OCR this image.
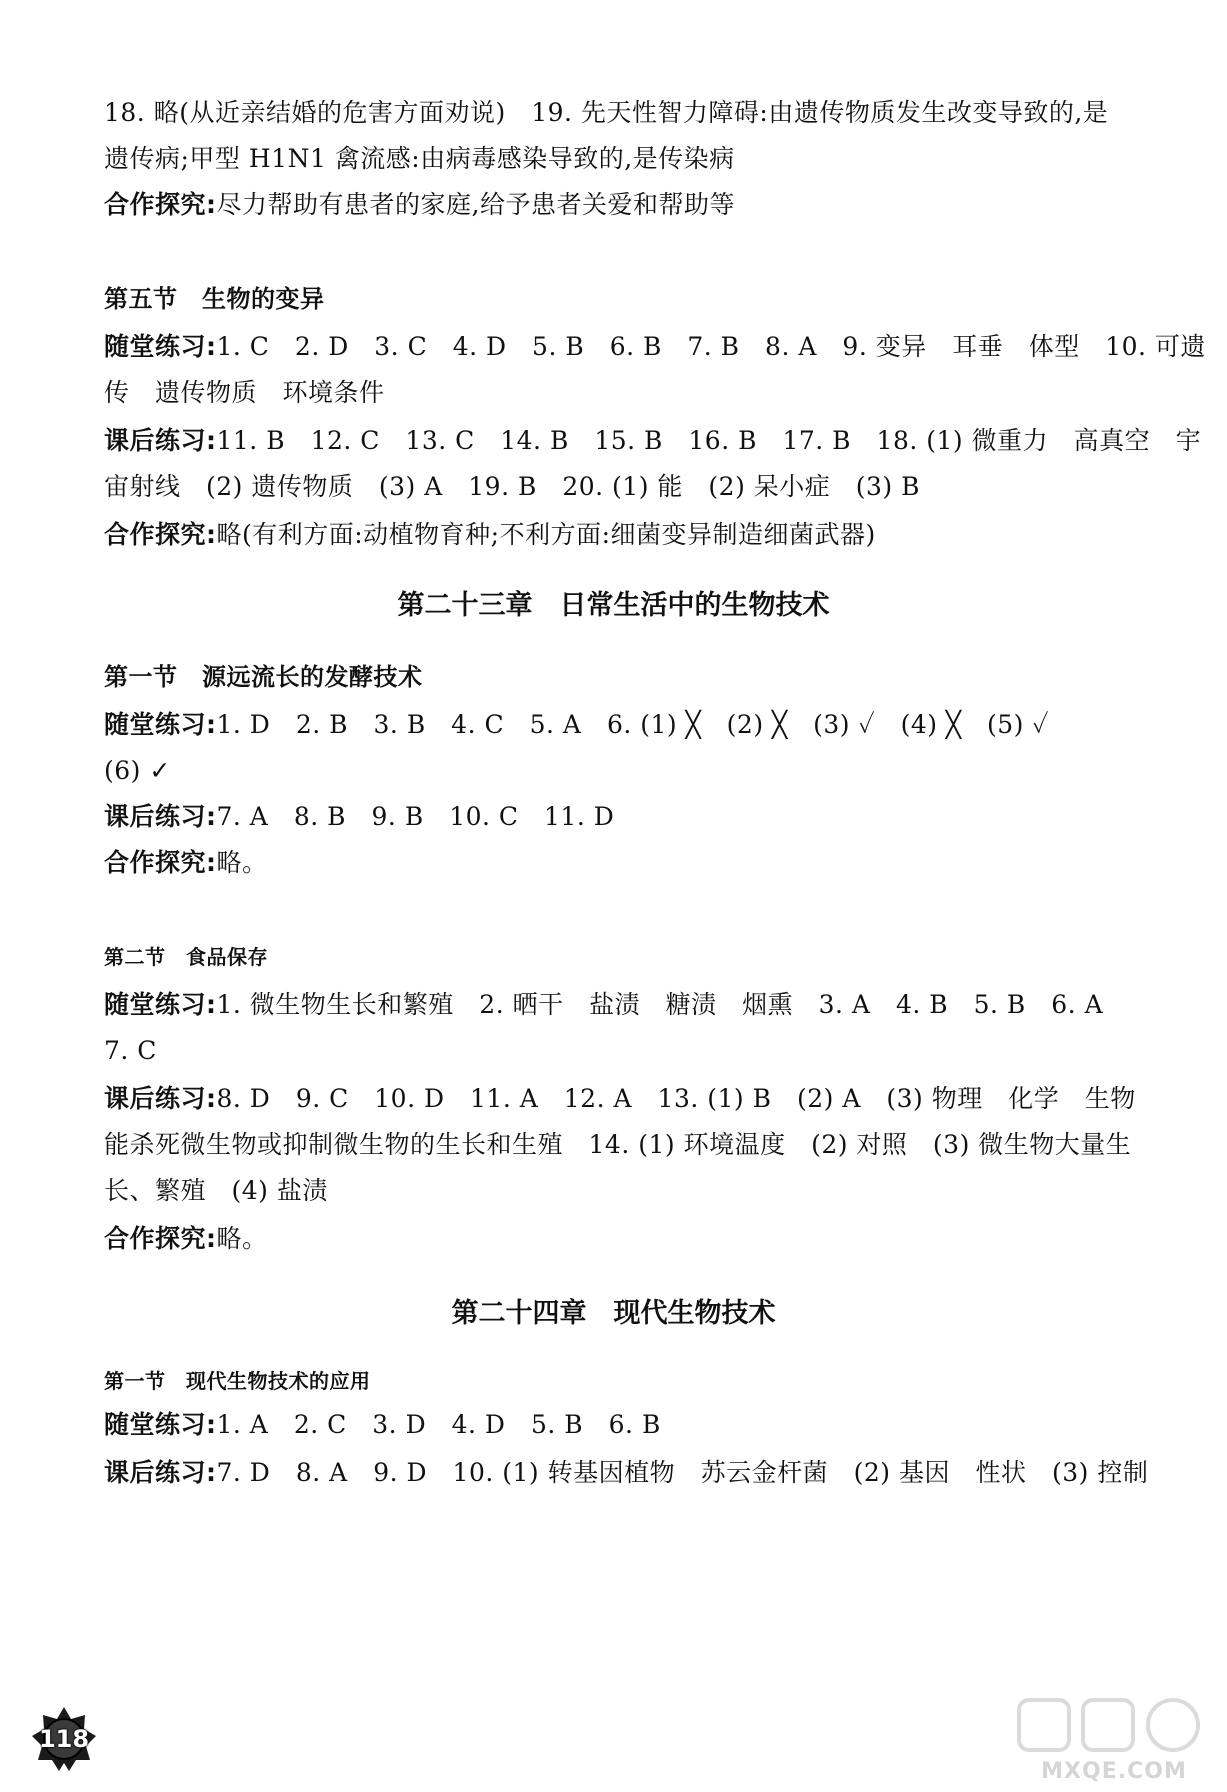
18. 略(从近亲结婚的危害方面劝说)　19. 先天性智力障碍:由遗传物质发生改变导致的,是
遗传病;甲型 H1N1 禽流感:由病毒感染导致的,是传染病
合作探究:尽力帮助有患者的家庭,给予患者关爱和帮助等
第五节　生物的变异
随堂练习:1. C　2. D　3. C　4. D　5. B　6. B　7. B　8. A　9. 变异　耳垂　体型　10. 可遗
传　遗传物质　环境条件
课后练习:11. B　12. C　13. C　14. B　15. B　16. B　17. B　18. (1) 微重力　高真空　宇
宙射线　(2) 遗传物质　(3) A　19. B　20. (1) 能　(2) 呆小症　(3) B
合作探究:略(有利方面:动植物育种;不利方面:细菌变异制造细菌武器)
第二十三章　日常生活中的生物技术
第一节　源远流长的发酵技术
随堂练习:1. D　2. B　3. B　4. C　5. A　6. (1) ╳　(2) ╳　(3) ✓　(4) ╳　(5) ✓
(6) ✓
课后练习:7. A　8. B　9. B　10. C　11. D
合作探究:略。
第二节　食品保存
随堂练习:1. 微生物生长和繁殖　2. 晒干　盐渍　糖渍　烟熏　3. A　4. B　5. B　6. A
7. C
课后练习:8. D　9. C　10. D　11. A　12. A　13. (1) B　(2) A　(3) 物理　化学　生物
能杀死微生物或抑制微生物的生长和生殖　14. (1) 环境温度　(2) 对照　(3) 微生物大量生
长、繁殖　(4) 盐渍
合作探究:略。
第二十四章　现代生物技术
第一节　现代生物技术的应用
随堂练习:1. A　2. C　3. D　4. D　5. B　6. B
课后练习:7. D　8. A　9. D　10. (1) 转基因植物　苏云金杆菌　(2) 基因　性状　(3) 控制
118
MXQE.COM
